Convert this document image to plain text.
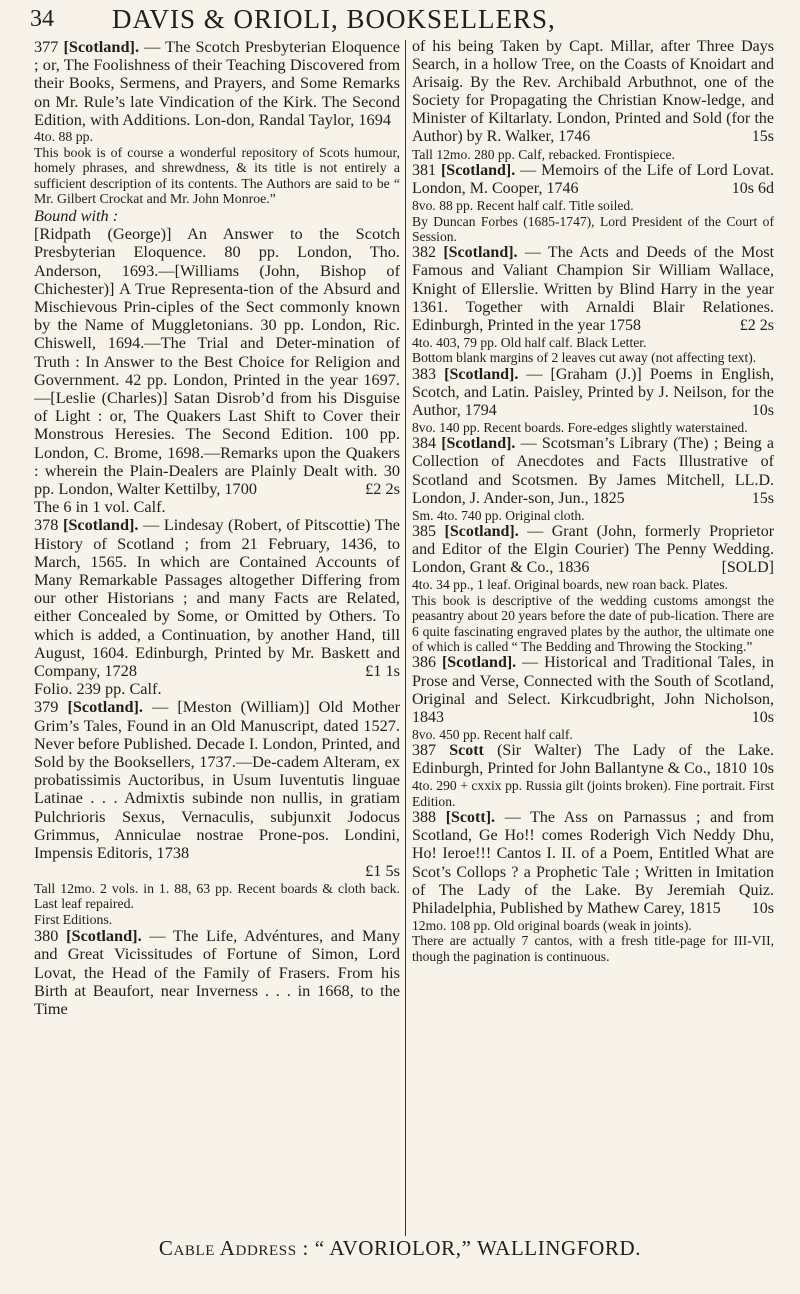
34 DAVIS & ORIOLI, BOOKSELLERS,

377 [Scotland]. — The Scotch Presbyterian Eloquence ; or, The Foolishness of their Teaching Discovered from their Books, Sermens, and Prayers, and Some Remarks on Mr. Rule’s late Vindication of the Kirk. The Second Edition, with Additions. Lon-don, Randal Taylor, 1694

4to. 88 pp.

This book is of course a wonderful repository of Scots humour, homely phrases, and shrewdness, & its title is not entirely a sufficient description of its contents. The Authors are said to be “ Mr. Gilbert Crockat and Mr. John Monroe.”

Bound with :

[Ridpath (George)] An Answer to the Scotch Presbyterian Eloquence. 80 pp. London, Tho. Anderson, 1693.—[Williams (John, Bishop of Chichester)] A True Representa-tion of the Absurd and Mischievous Prin-ciples of the Sect commonly known by the Name of Muggletonians. 30 pp. London, Ric. Chiswell, 1694.—The Trial and Deter-mination of Truth : In Answer to the Best Choice for Religion and Government. 42 pp. London, Printed in the year 1697.—[Leslie (Charles)] Satan Disrob’d from his Disguise of Light : or, The Quakers Last Shift to Cover their Monstrous Heresies. The Second Edition. 100 pp. London, C. Brome, 1698.—Remarks upon the Quakers : wherein the Plain-Dealers are Plainly Dealt with. 30 pp. London, Walter Kettilby, 1700	£2 2s

The 6 in 1 vol. Calf.

378 [Scotland]. — Lindesay (Robert, of Pitscottie) The History of Scotland ; from 21 February, 1436, to March, 1565. In which are Contained Accounts of Many Remarkable Passages altogether Differing from our other Historians ; and many Facts are Related, either Concealed by Some, or Omitted by Others. To which is added, a Continuation, by another Hand, till August, 1604. Edinburgh, Printed by Mr. Baskett and Company, 1728	£1 1s

Folio. 239 pp. Calf.

379 [Scotland]. — [Meston (William)] Old Mother Grim’s Tales, Found in an Old Manuscript, dated 1527. Never before Published. Decade I. London, Printed, and Sold by the Booksellers, 1737.—De-cadem Alteram, ex probatissimis Auctoribus, in Usum Iuventutis linguae Latinae . . . Admixtis subinde non nullis, in gratiam Pulchrioris Sexus, Vernaculis, subjunxit Jodocus Grimmus, Anniculae nostrae Prone-pos. Londini, Impensis Editoris, 1738

£1 5s

Tall 12mo. 2 vols. in 1. 88, 63 pp. Recent boards & cloth back. Last leaf repaired.

First Editions.

380 [Scotland]. — The Life, Advéntures, and Many and Great Vicissitudes of Fortune of Simon, Lord Lovat, the Head of the Family of Frasers. From his Birth at Beaufort, near Inverness . . . in 1668, to the Time

of his being Taken by Capt. Millar, after Three Days Search, in a hollow Tree, on the Coasts of Knoidart and Arisaig. By the Rev. Archibald Arbuthnot, one of the Society for Propagating the Christian Know-ledge, and Minister of Kiltarlaty. London, Printed and Sold (for the Author) by R. Walker, 1746	15s

Tall 12mo. 280 pp. Calf, rebacked. Frontispiece.

381 [Scotland]. — Memoirs of the Life of Lord Lovat. London, M. Cooper, 1746	10s 6d

8vo. 88 pp. Recent half calf. Title soiled.

By Duncan Forbes (1685-1747), Lord President of the Court of Session.

382 [Scotland]. — The Acts and Deeds of the Most Famous and Valiant Champion Sir William Wallace, Knight of Ellerslie. Written by Blind Harry in the year 1361. Together with Arnaldi Blair Relationes. Edinburgh, Printed in the year 1758	£2 2s

4to. 403, 79 pp. Old half calf. Black Letter.

Bottom blank margins of 2 leaves cut away (not affecting text).

383 [Scotland]. — [Graham (J.)] Poems in English, Scotch, and Latin. Paisley, Printed by J. Neilson, for the Author, 1794	10s

8vo. 140 pp. Recent boards. Fore-edges slightly waterstained.

384 [Scotland]. — Scotsman’s Library (The) ; Being a Collection of Anecdotes and Facts Illustrative of Scotland and Scotsmen. By James Mitchell, LL.D. London, J. Ander-son, Jun., 1825	15s

Sm. 4to. 740 pp. Original cloth.

385 [Scotland]. — Grant (John, formerly Proprietor and Editor of the Elgin Courier) The Penny Wedding. London, Grant & Co., 1836	[SOLD]

4to. 34 pp., 1 leaf. Original boards, new roan back. Plates.

This book is descriptive of the wedding customs amongst the peasantry about 20 years before the date of pub-lication. There are 6 quite fascinating engraved plates by the author, the ultimate one of which is called “ The Bedding and Throwing the Stocking.”

386 [Scotland]. — Historical and Traditional Tales, in Prose and Verse, Connected with the South of Scotland, Original and Select. Kirkcudbright, John Nicholson, 1843	10s

8vo. 450 pp. Recent half calf.

387 Scott (Sir Walter) The Lady of the Lake. Edinburgh, Printed for John Ballantyne & Co., 1810 10s

4to. 290 + cxxix pp. Russia gilt (joints broken). Fine portrait. First Edition.

388 [Scott]. — The Ass on Parnassus ; and from Scotland, Ge Ho!! comes Roderigh Vich Neddy Dhu, Ho! Ieroe!!! Cantos I. II. of a Poem, Entitled What are Scot’s Collops ? a Prophetic Tale ; Written in Imitation of The Lady of the Lake. By Jeremiah Quiz. Philadelphia, Published by Mathew Carey, 1815 10s

12mo. 108 pp. Old original boards (weak in joints).

There are actually 7 cantos, with a fresh title-page for III-VII, though the pagination is continuous.

Cable Address : “ AVORIOLOR,” WALLINGFORD.
